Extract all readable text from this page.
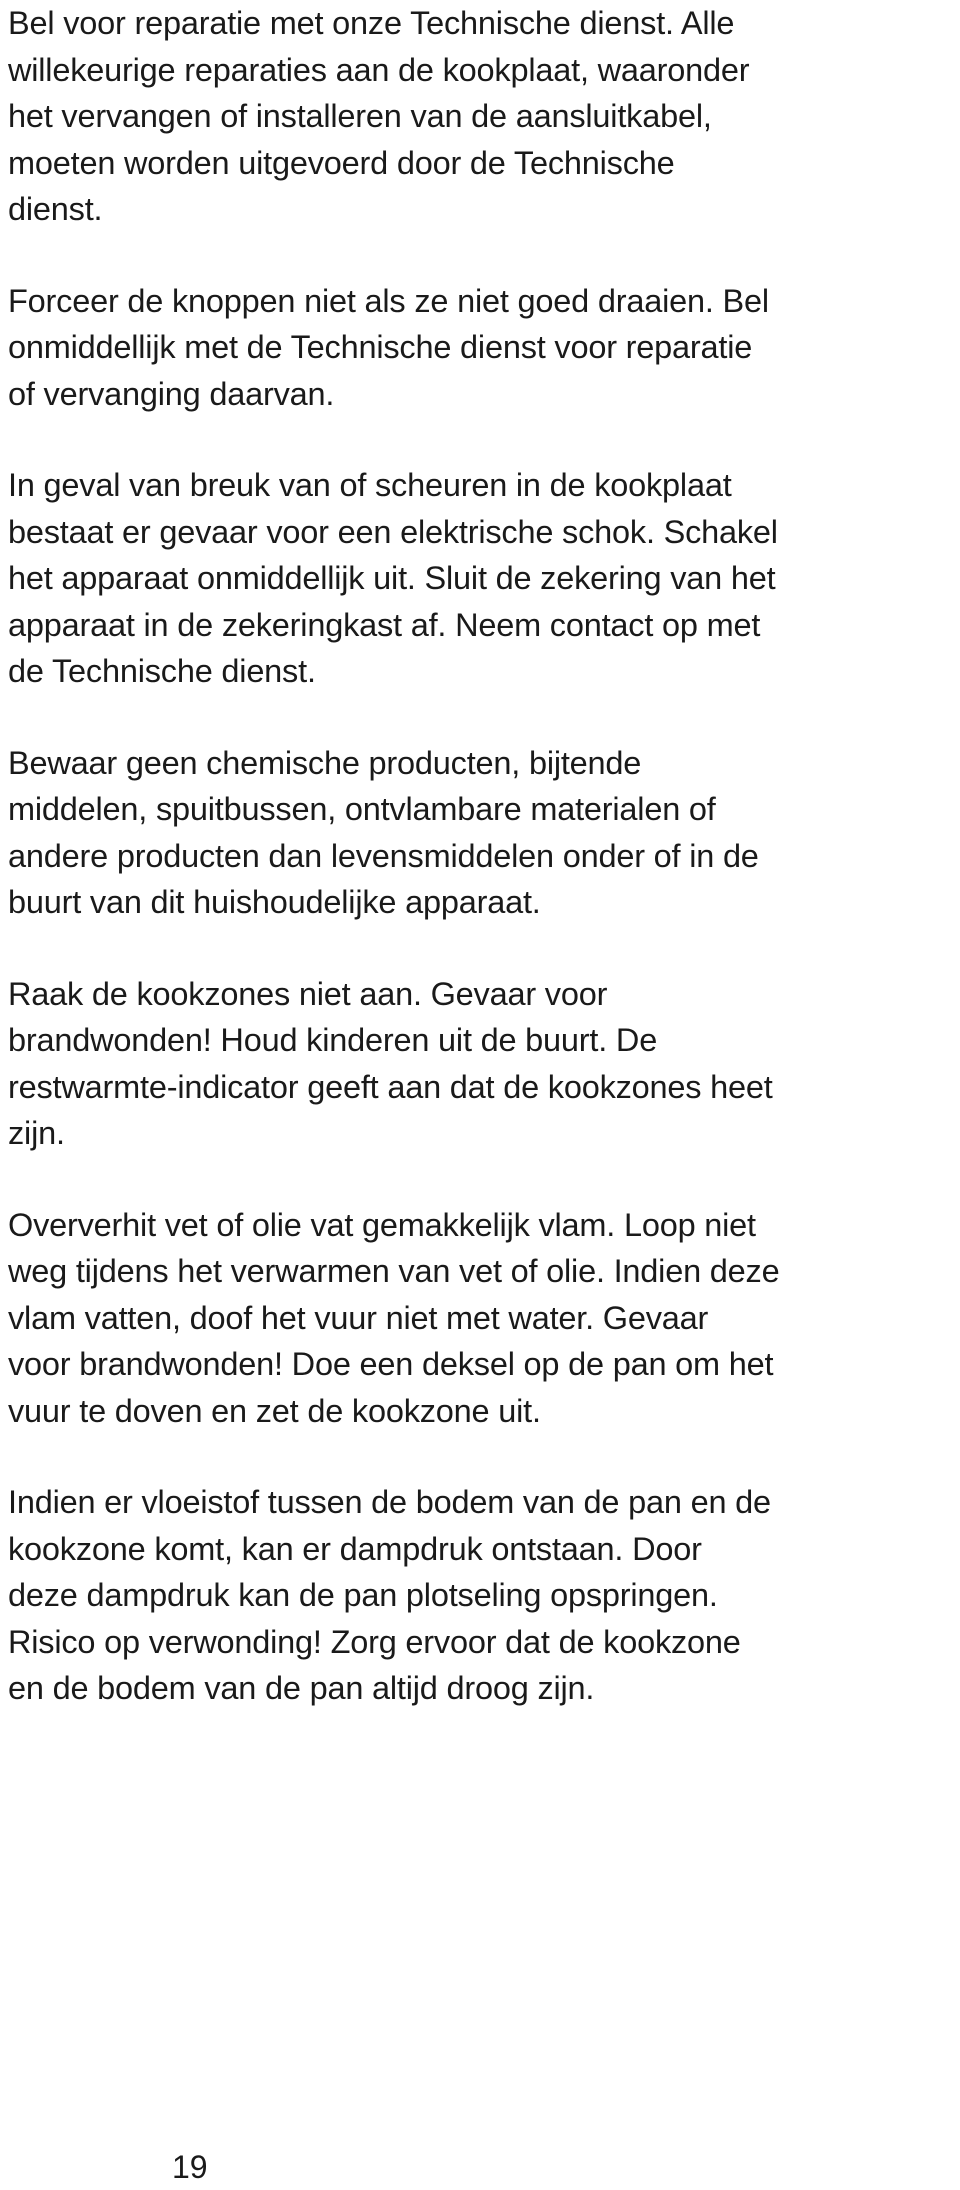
Bel voor reparatie met onze Technische dienst. Alle
willekeurige reparaties aan de kookplaat, waaronder
het vervangen of installeren van de aansluitkabel,
moeten worden uitgevoerd door de Technische
dienst.

Forceer de knoppen niet als ze niet goed draaien. Bel
onmiddellijk met de Technische dienst voor reparatie
of vervanging daarvan.

In geval van breuk van of scheuren in de kookplaat
bestaat er gevaar voor een elektrische schok. Schakel
het apparaat onmiddellijk uit. Sluit de zekering van het
apparaat in de zekeringkast af. Neem contact op met
de Technische dienst.

Bewaar geen chemische producten, bijtende
middelen, spuitbussen, ontvlambare materialen of
andere producten dan levensmiddelen onder of in de
buurt van dit huishoudelijke apparaat.

Raak de kookzones niet aan. Gevaar voor
brandwonden! Houd kinderen uit de buurt. De
restwarmte-indicator geeft aan dat de kookzones heet
zijn.

Oververhit vet of olie vat gemakkelijk vlam. Loop niet
weg tijdens het verwarmen van vet of olie. Indien deze
vlam vatten, doof het vuur niet met water. Gevaar
voor brandwonden! Doe een deksel op de pan om het
vuur te doven en zet de kookzone uit.

Indien er vloeistof tussen de bodem van de pan en de
kookzone komt, kan er dampdruk ontstaan. Door
deze dampdruk kan de pan plotseling opspringen.
Risico op verwonding! Zorg ervoor dat de kookzone
en de bodem van de pan altijd droog zijn.

19
